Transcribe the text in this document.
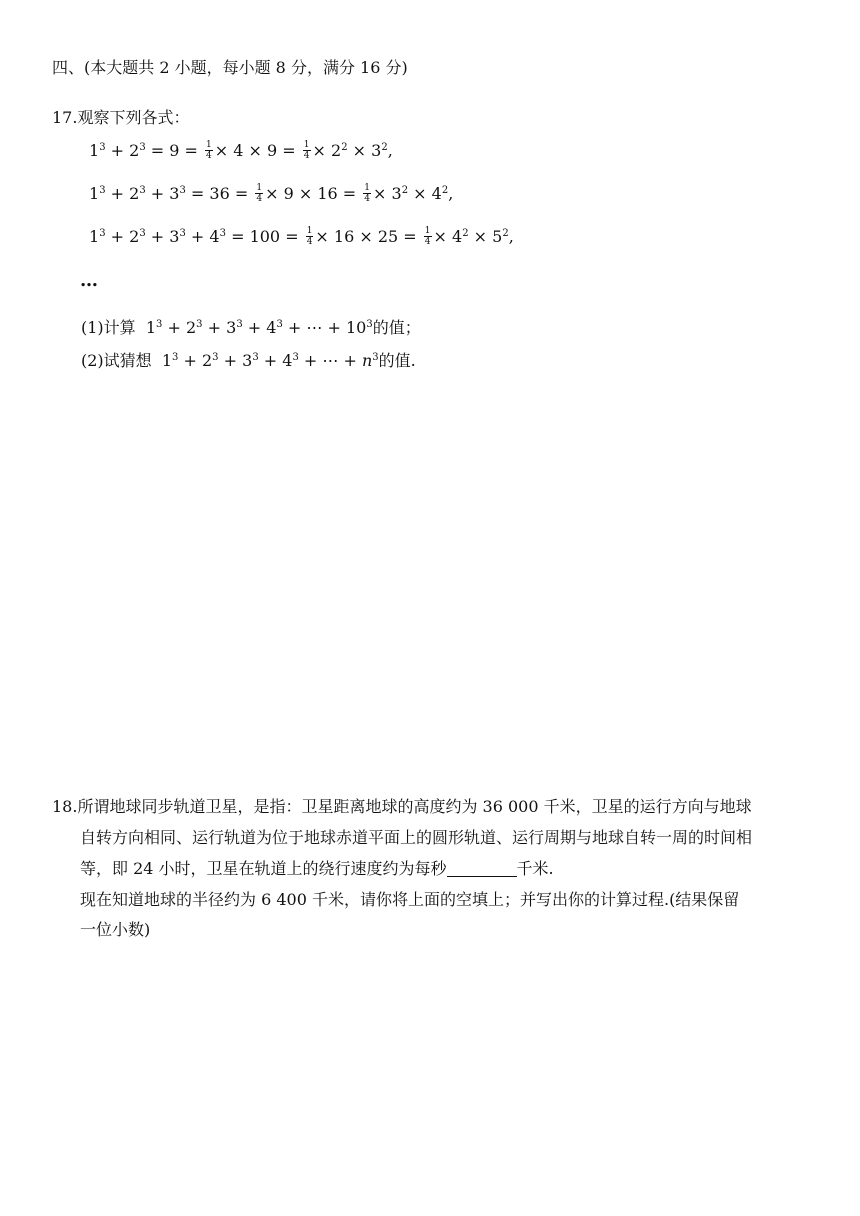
四、(本大题共 2 小题，每小题 8 分，满分 16 分)
17.观察下列各式：
$1^3 + 2^3 = 9 = \frac{1}{4} \times 4 \times 9 = \frac{1}{4} \times 2^2 \times 3^2$,
$1^3 + 2^3 + 3^3 = 36 = \frac{1}{4} \times 9 \times 16 = \frac{1}{4} \times 3^2 \times 4^2$,
$1^3 + 2^3 + 3^3 + 4^3 = 100 = \frac{1}{4} \times 16 \times 25 = \frac{1}{4} \times 4^2 \times 5^2$,
…
(1)计算  $1^3 + 2^3 + 3^3 + 4^3$ + ⋯ + $10^3$的值；
(2)试猜想  $1^3 + 2^3 + 3^3 + 4^3$ + ⋯ + $n^3$的值.
18.所谓地球同步轨道卫星，是指：卫星距离地球的高度约为 36 000 千米，卫星的运行方向与地球
自转方向相同、运行轨道为位于地球赤道平面上的圆形轨道、运行周期与地球自转一周的时间相
等，即 24 小时，卫星在轨道上的绕行速度约为每秒	千米.
现在知道地球的半径约为 6 400 千米，请你将上面的空填上；并写出你的计算过程.(结果保留
一位小数)
